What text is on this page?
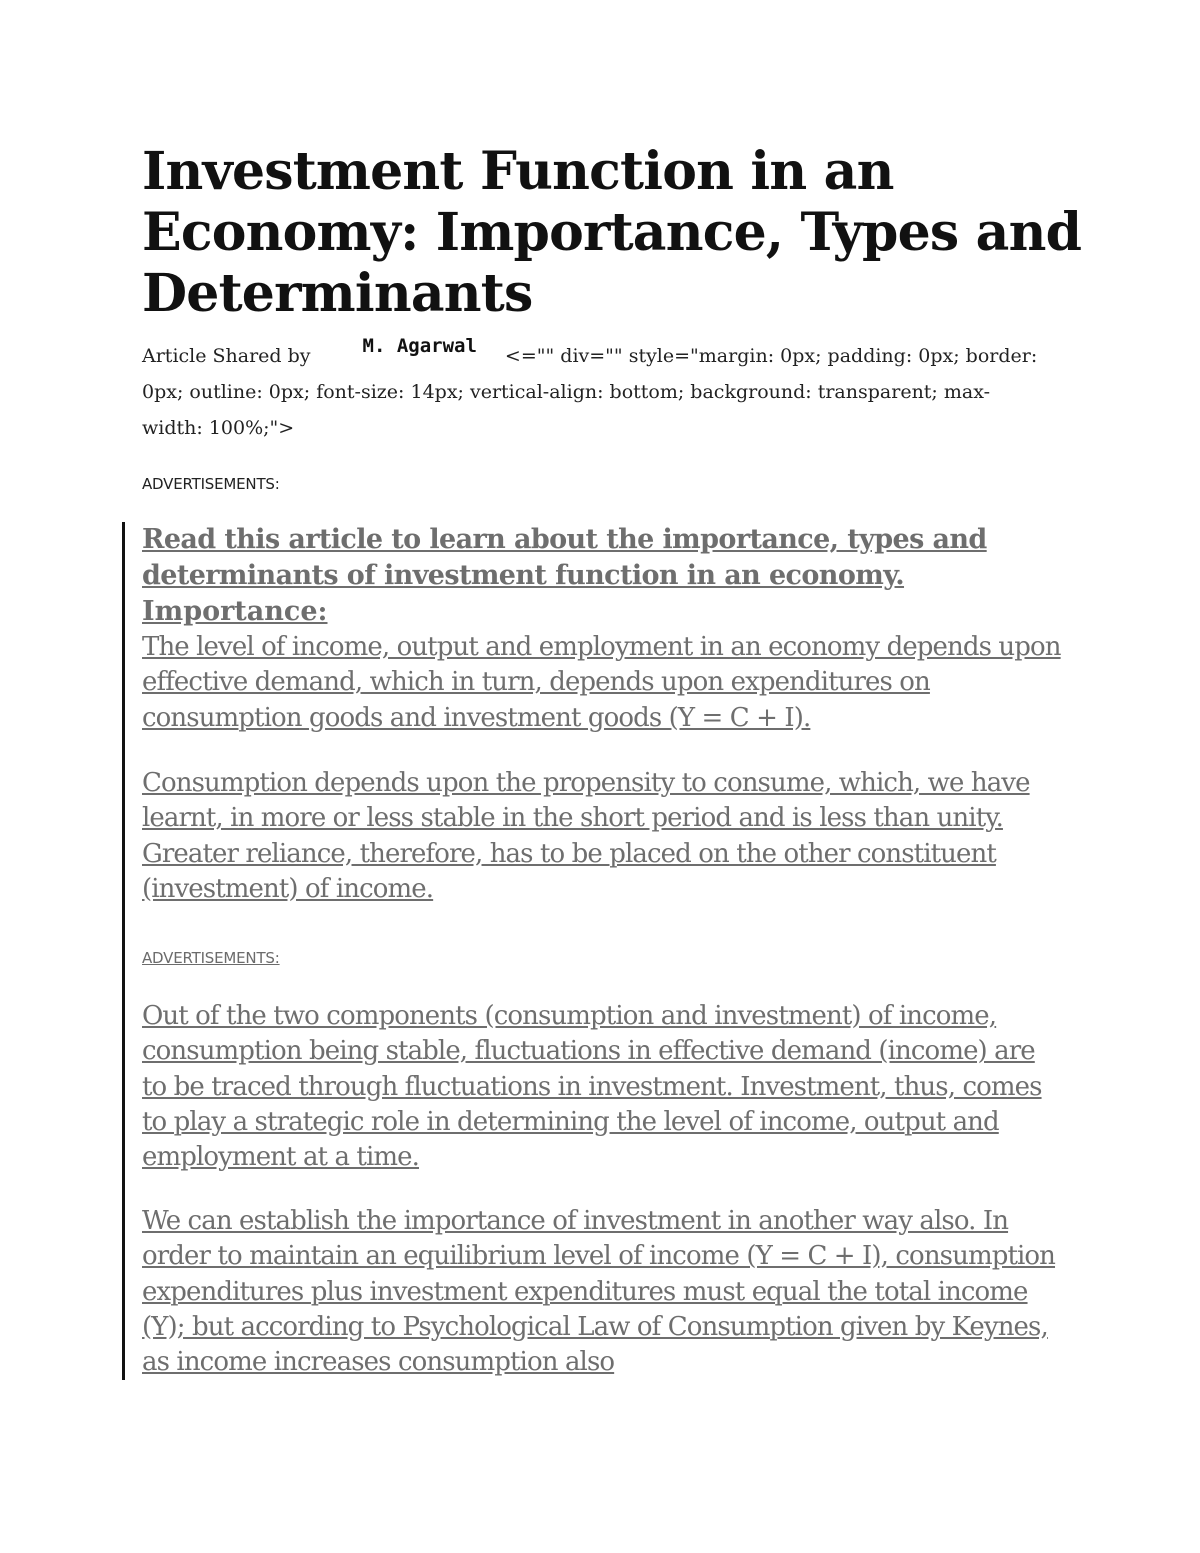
Investment Function in an Economy: Importance, Types and Determinants
Article Shared by	M. Agarwal <="" div="" style="margin: 0px; padding: 0px; border: 0px; outline: 0px; font-size: 14px; vertical-align: bottom; background: transparent; max-width: 100%;">
ADVERTISEMENTS:

Read this article to learn about the importance, types and determinants of investment function in an economy.

Importance:

The level of income, output and employment in an economy depends upon effective demand, which in turn, depends upon expenditures on consumption goods and investment goods (Y = C + I).

Consumption depends upon the propensity to consume, which, we have learnt, in more or less stable in the short period and is less than unity. Greater reliance, therefore, has to be placed on the other constituent (investment) of income.

Out of the two components (consumption and investment) of income, consumption being stable, fluctuations in effective demand (income) are to be traced through fluctuations in investment. Investment, thus, comes to play a strategic role in determining the level of income, output and employment at a time.

We can establish the importance of investment in another way also. In order to maintain an equilibrium level of income (Y = C + I), consumption expenditures plus investment expenditures must equal the total income (Y); but according to Psychological Law of Consumption given by Keynes, as income increases consumption also

ADVERTISEMENTS:
